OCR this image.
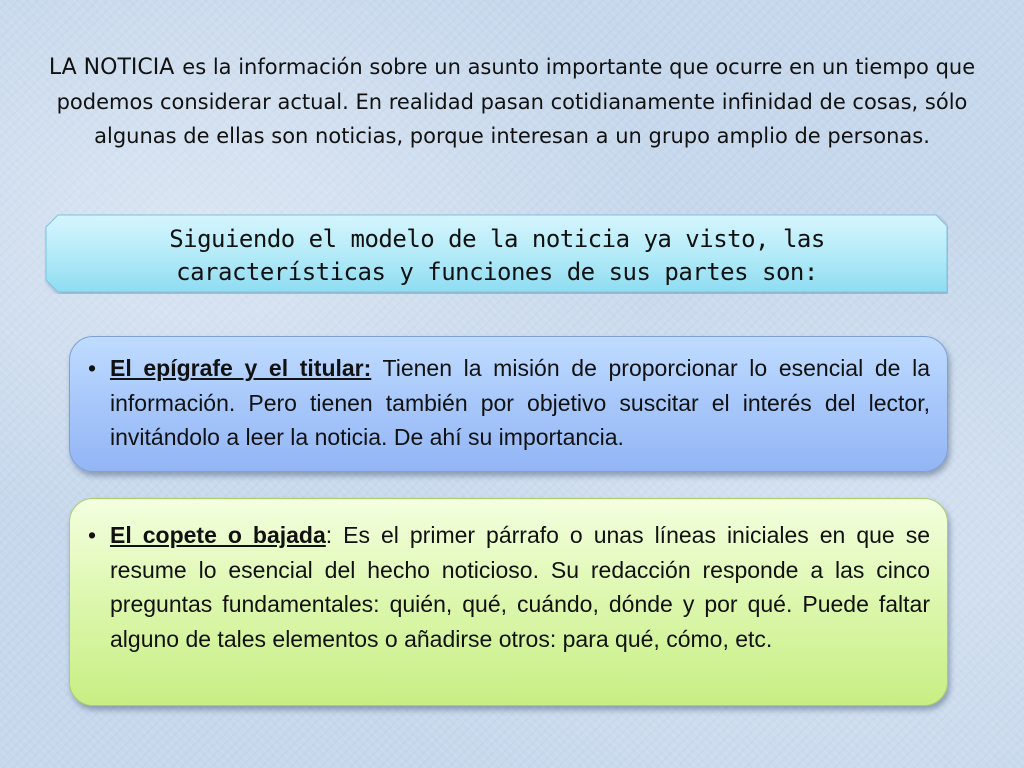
LA NOTICIA es la información sobre un asunto importante que ocurre en un tiempo que podemos considerar actual. En realidad pasan cotidianamente infinidad de cosas, sólo algunas de ellas son noticias, porque interesan a un grupo amplio de personas.
Siguiendo el modelo de la noticia ya visto, las características y funciones de sus partes son:
• El epígrafe y el titular: Tienen la misión de proporcionar lo esencial de la información. Pero tienen también por objetivo suscitar el interés del lector, invitándolo a leer la noticia. De ahí su importancia.
• El copete o bajada: Es el primer párrafo o unas líneas iniciales en que se resume lo esencial del hecho noticioso. Su redacción responde a las cinco preguntas fundamentales: quién, qué, cuándo, dónde y por qué. Puede faltar alguno de tales elementos o añadirse otros: para qué, cómo, etc.
